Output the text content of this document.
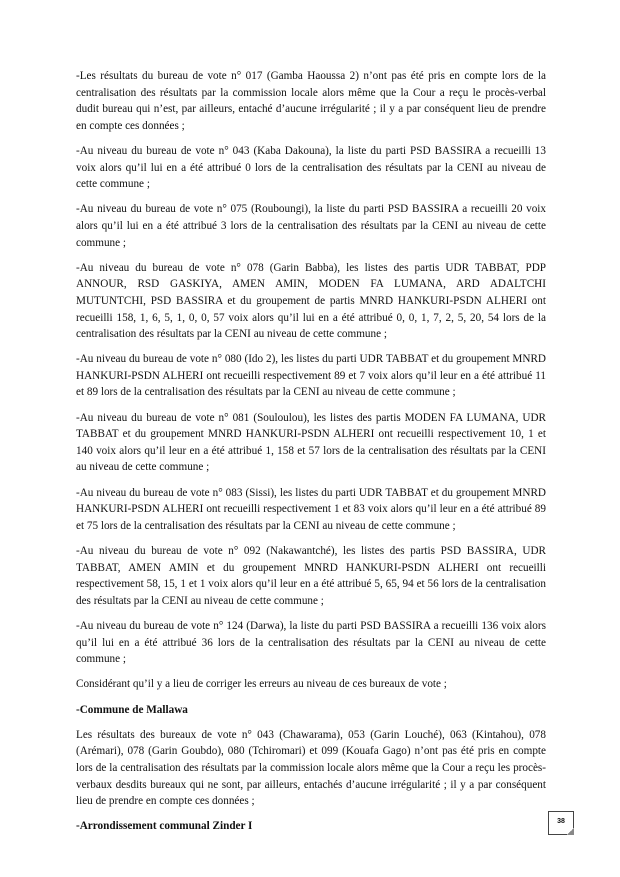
-Les résultats du bureau de vote n° 017 (Gamba Haoussa 2) n’ont pas été pris en compte lors de la centralisation des résultats par la commission locale alors même que la Cour a reçu le procès-verbal dudit bureau qui n’est, par ailleurs, entaché d’aucune irrégularité ; il y a par conséquent lieu de prendre en compte ces données ;

-Au niveau du bureau de vote n° 043 (Kaba Dakouna), la liste du parti PSD BASSIRA a recueilli 13 voix alors qu’il lui en a été attribué 0 lors de la centralisation des résultats par la CENI au niveau de cette commune ;

-Au niveau du bureau de vote n° 075 (Rouboungi), la liste du parti PSD BASSIRA a recueilli 20 voix alors qu’il lui en a été attribué 3 lors de la centralisation des résultats par la CENI au niveau de cette commune ;

-Au niveau du bureau de vote n° 078 (Garin Babba), les listes des partis UDR TABBAT, PDP ANNOUR, RSD GASKIYA, AMEN AMIN, MODEN FA LUMANA, ARD ADALTCHI MUTUNTCHI, PSD BASSIRA et du groupement de partis MNRD HANKURI-PSDN ALHERI ont recueilli 158, 1, 6, 5, 1, 0, 0, 57 voix alors qu’il lui en a été attribué 0, 0, 1, 7, 2, 5, 20, 54 lors de la centralisation des résultats par la CENI au niveau de cette commune ;

-Au niveau du bureau de vote n° 080 (Ido 2), les listes du parti UDR TABBAT et du groupement MNRD HANKURI-PSDN ALHERI ont recueilli respectivement 89 et 7 voix alors qu’il leur en a été attribué 11 et 89 lors de la centralisation des résultats par la CENI au niveau de cette commune ;

-Au niveau du bureau de vote n° 081 (Souloulou), les listes des partis MODEN FA LUMANA, UDR TABBAT et du groupement MNRD HANKURI-PSDN ALHERI ont recueilli respectivement 10, 1 et 140 voix alors qu’il leur en a été attribué 1, 158 et 57 lors de la centralisation des résultats par la CENI au niveau de cette commune ;

-Au niveau du bureau de vote n° 083 (Sissi), les listes du parti UDR TABBAT et du groupement MNRD HANKURI-PSDN ALHERI ont recueilli respectivement 1 et 83 voix alors qu’il leur en a été attribué 89 et 75 lors de la centralisation des résultats par la CENI au niveau de cette commune ;

-Au niveau du bureau de vote n° 092 (Nakawantché), les listes des partis PSD BASSIRA, UDR TABBAT, AMEN AMIN et du groupement MNRD HANKURI-PSDN ALHERI ont recueilli respectivement 58, 15, 1 et 1 voix alors qu’il leur en a été attribué 5, 65, 94 et 56 lors de la centralisation des résultats par la CENI au niveau de cette commune ;

-Au niveau du bureau de vote n° 124 (Darwa), la liste du parti PSD BASSIRA a recueilli 136 voix alors qu’il lui en a été attribué 36 lors de la centralisation des résultats par la CENI au niveau de cette commune ;

Considérant qu’il y a lieu de corriger les erreurs au niveau de ces bureaux de vote ;

-Commune de Mallawa

Les résultats des bureaux de vote n° 043 (Chawarama), 053 (Garin Louché), 063 (Kintahou), 078 (Arémari), 078 (Garin Goubdo), 080 (Tchiromari) et 099 (Kouafa Gago) n’ont pas été pris en compte lors de la centralisation des résultats par la commission locale alors même que la Cour a reçu les procès-verbaux desdits bureaux qui ne sont, par ailleurs, entachés d’aucune irrégularité ; il y a par conséquent lieu de prendre en compte ces données ;

-Arrondissement communal Zinder I	38
